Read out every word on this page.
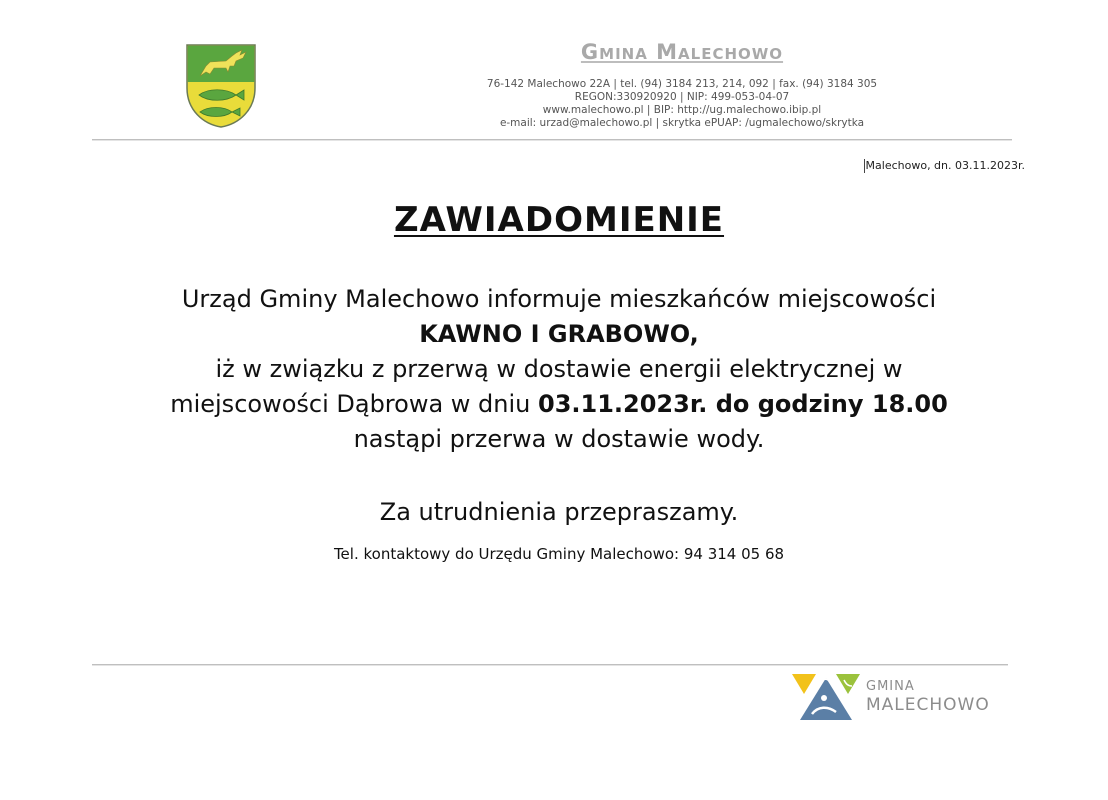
Gmina Malechowo
76-142 Malechowo 22A | tel. (94) 3184 213, 214, 092 | fax. (94) 3184 305
REGON:330920920 | NIP: 499-053-04-07
www.malechowo.pl | BIP: http://ug.malechowo.ibip.pl
e-mail: urzad@malechowo.pl | skrytka ePUAP: /ugmalechowo/skrytka
Malechowo, dn. 03.11.2023r.
ZAWIADOMIENIE
Urząd Gminy Malechowo informuje mieszkańców miejscowości
KAWNO I GRABOWO,
iż w związku z przerwą w dostawie energii elektrycznej w
miejscowości Dąbrowa w dniu 03.11.2023r. do godziny 18.00
nastąpi przerwa w dostawie wody.
Za utrudnienia przepraszamy.
Tel. kontaktowy do Urzędu Gminy Malechowo: 94 314 05 68
GMINA
MALECHOWO
